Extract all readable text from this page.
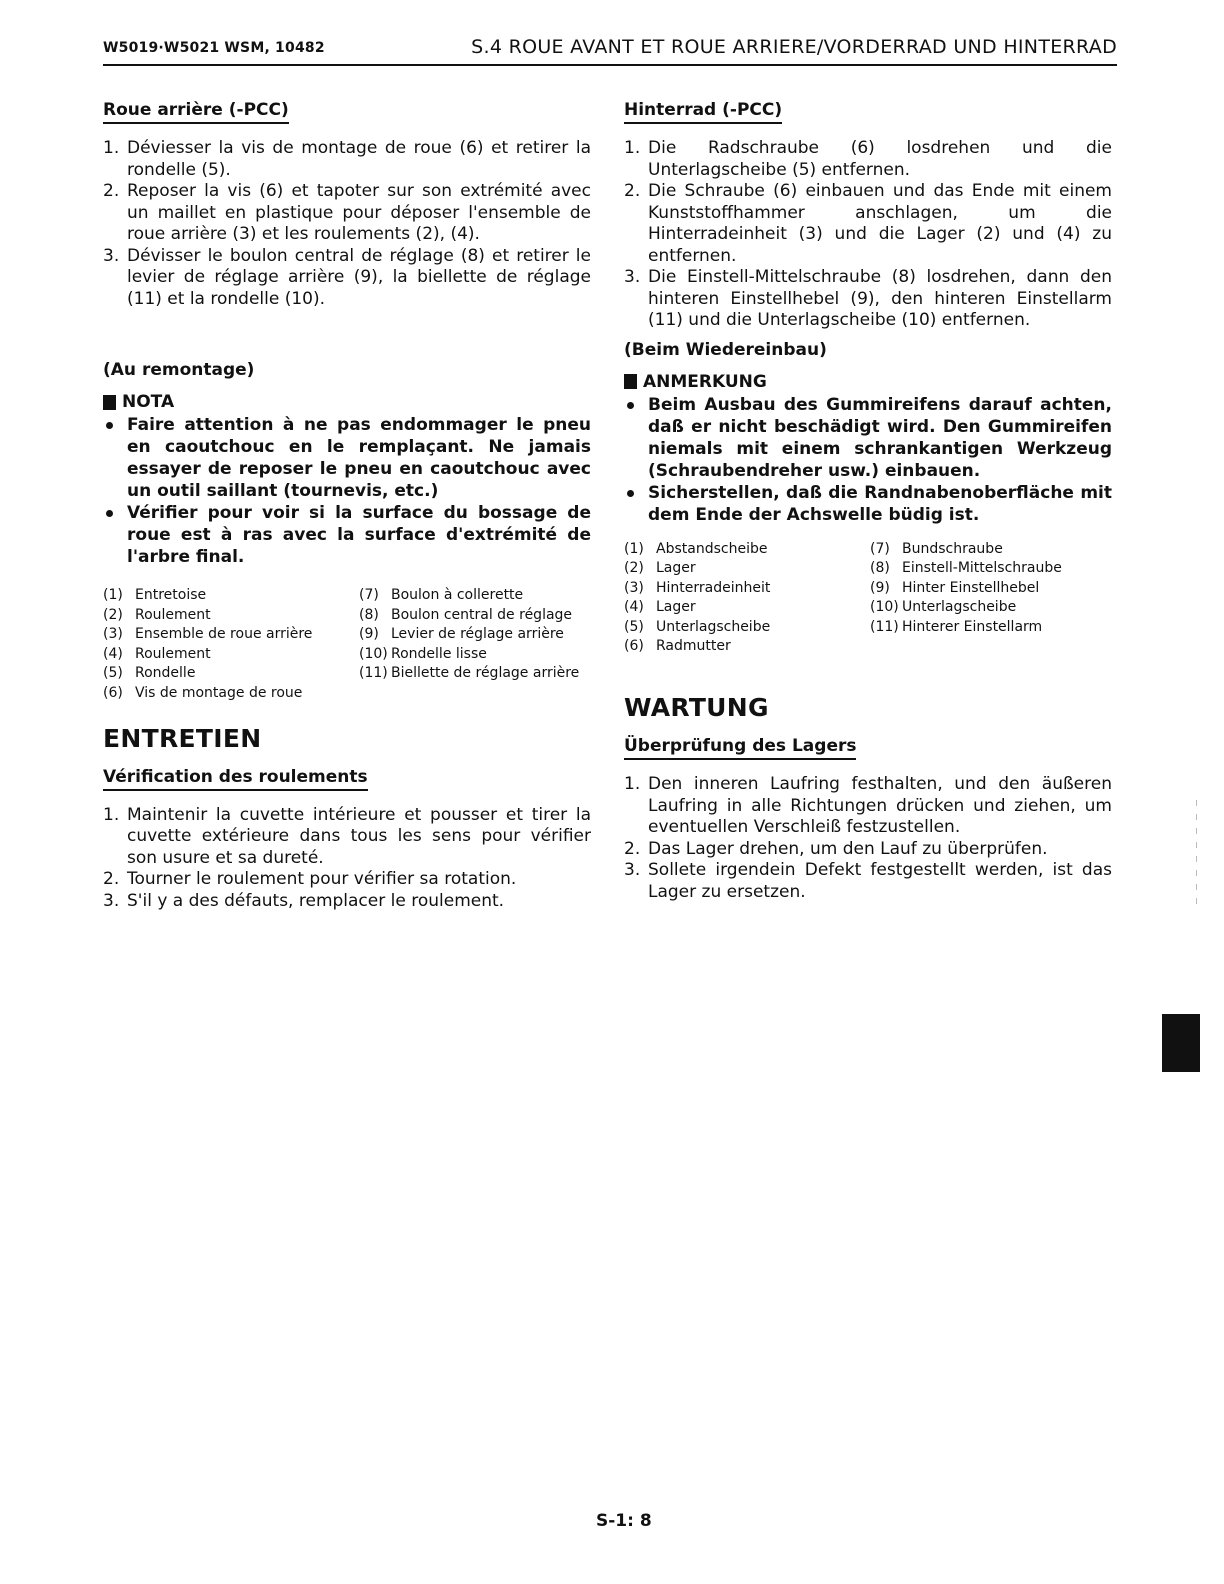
W5019·W5021 WSM, 10482	S.4 ROUE AVANT ET ROUE ARRIERE/VORDERRAD UND HINTERRAD
Roue arrière (-PCC)
1. Déviesser la vis de montage de roue (6) et retirer la rondelle (5).
2. Reposer la vis (6) et tapoter sur son extrémité avec un maillet en plastique pour déposer l'ensemble de roue arrière (3) et les roulements (2), (4).
3. Dévisser le boulon central de réglage (8) et retirer le levier de réglage arrière (9), la biellette de réglage (11) et la rondelle (10).

(Au remontage)

NOTA
Faire attention à ne pas endommager le pneu en caoutchouc en le remplaçant. Ne jamais essayer de reposer le pneu en caoutchouc avec un outil saillant (tournevis, etc.)
Vérifier pour voir si la surface du bossage de roue est à ras avec la surface d'extrémité de l'arbre final.
(1) Entretoise	(7) Boulon à collerette
(2) Roulement	(8) Boulon central de réglage
(3) Ensemble de roue arrière	(9) Levier de réglage arrière
(4) Roulement	(10) Rondelle lisse
(5) Rondelle	(11) Biellette de réglage arrière
(6) Vis de montage de roue

ENTRETIEN

Vérification des roulements
1. Maintenir la cuvette intérieure et pousser et tirer la cuvette extérieure dans tous les sens pour vérifier son usure et sa dureté.
2. Tourner le roulement pour vérifier sa rotation.
3. S'il y a des défauts, remplacer le roulement.
Hinterrad (-PCC)
1. Die Radschraube (6) losdrehen und die Unterlagscheibe (5) entfernen.
2. Die Schraube (6) einbauen und das Ende mit einem Kunststoffhammer anschlagen, um die Hinterradeinheit (3) und die Lager (2) und (4) zu entfernen.
3. Die Einstell-Mittelschraube (8) losdrehen, dann den hinteren Einstellhebel (9), den hinteren Einstellarm (11) und die Unterlagscheibe (10) entfernen.

(Beim Wiedereinbau)

ANMERKUNG
Beim Ausbau des Gummireifens darauf achten, daß er nicht beschädigt wird. Den Gummireifen niemals mit einem schrankantigen Werkzeug (Schraubendreher usw.) einbauen.
Sicherstellen, daß die Randnabenoberfläche mit dem Ende der Achswelle büdig ist.
(1) Abstandscheibe	(7) Bundschraube
(2) Lager	(8) Einstell-Mittelschraube
(3) Hinterradeinheit	(9) Hinter Einstellhebel
(4) Lager	(10) Unterlagscheibe
(5) Unterlagscheibe	(11) Hinterer Einstellarm
(6) Radmutter

WARTUNG

Überprüfung des Lagers
1. Den inneren Laufring festhalten, und den äußeren Laufring in alle Richtungen drücken und ziehen, um eventuellen Verschleiß festzustellen.
2. Das Lager drehen, um den Lauf zu überprüfen.
3. Sollete irgendein Defekt festgestellt werden, ist das Lager zu ersetzen.
S-1: 8
